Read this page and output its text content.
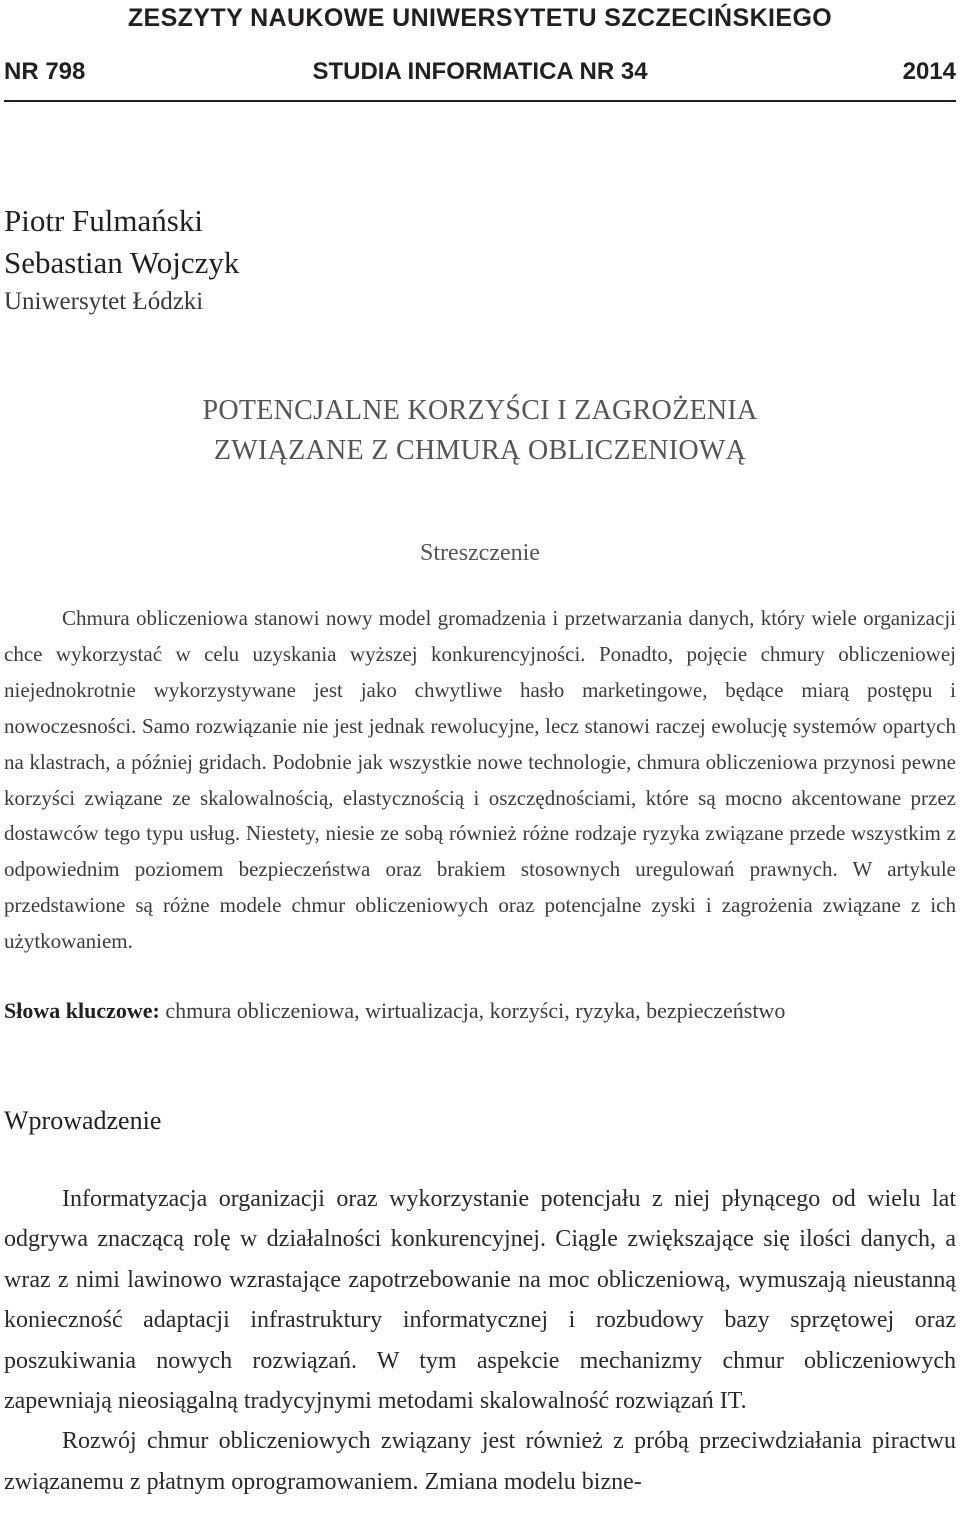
ZESZYTY NAUKOWE UNIWERSYTETU SZCZECIŃSKIEGO
NR 798	STUDIA INFORMATICA NR 34	2014
Piotr Fulmański
Sebastian Wojczyk
Uniwersytet Łódzki
POTENCJALNE KORZYŚCI I ZAGROŻENIA
ZWIĄZANE Z CHMURĄ OBLICZENIOWĄ
Streszczenie

Chmura obliczeniowa stanowi nowy model gromadzenia i przetwarzania danych, który wiele organizacji chce wykorzystać w celu uzyskania wyższej konkurencyjności. Ponadto, pojęcie chmury obliczeniowej niejednokrotnie wykorzystywane jest jako chwytliwe hasło marketingowe, będące miarą postępu i nowoczesności. Samo rozwiązanie nie jest jednak rewolucyjne, lecz stanowi raczej ewolucję systemów opartych na klastrach, a później gridach. Podobnie jak wszystkie nowe technologie, chmura obliczeniowa przynosi pewne korzyści związane ze skalowalnością, elastycznością i oszczędnościami, które są mocno akcentowane przez dostawców tego typu usług. Niestety, niesie ze sobą również różne rodzaje ryzyka związane przede wszystkim z odpowiednim poziomem bezpieczeństwa oraz brakiem stosownych uregulowań prawnych. W artykule przedstawione są różne modele chmur obliczeniowych oraz potencjalne zyski i zagrożenia związane z ich użytkowaniem.

Słowa kluczowe: chmura obliczeniowa, wirtualizacja, korzyści, ryzyka, bezpieczeństwo
Wprowadzenie

Informatyzacja organizacji oraz wykorzystanie potencjału z niej płynącego od wielu lat odgrywa znaczącą rolę w działalności konkurencyjnej. Ciągle zwiększające się ilości danych, a wraz z nimi lawinowo wzrastające zapotrzebowanie na moc obliczeniową, wymuszają nieustanną konieczność adaptacji infrastruktury informatycznej i rozbudowy bazy sprzętowej oraz poszukiwania nowych rozwiązań. W tym aspekcie mechanizmy chmur obliczeniowych zapewniają nieosiągalną tradycyjnymi metodami skalowalność rozwiązań IT.

Rozwój chmur obliczeniowych związany jest również z próbą przeciwdziałania piractwu związanemu z płatnym oprogramowaniem. Zmiana modelu bizne-
